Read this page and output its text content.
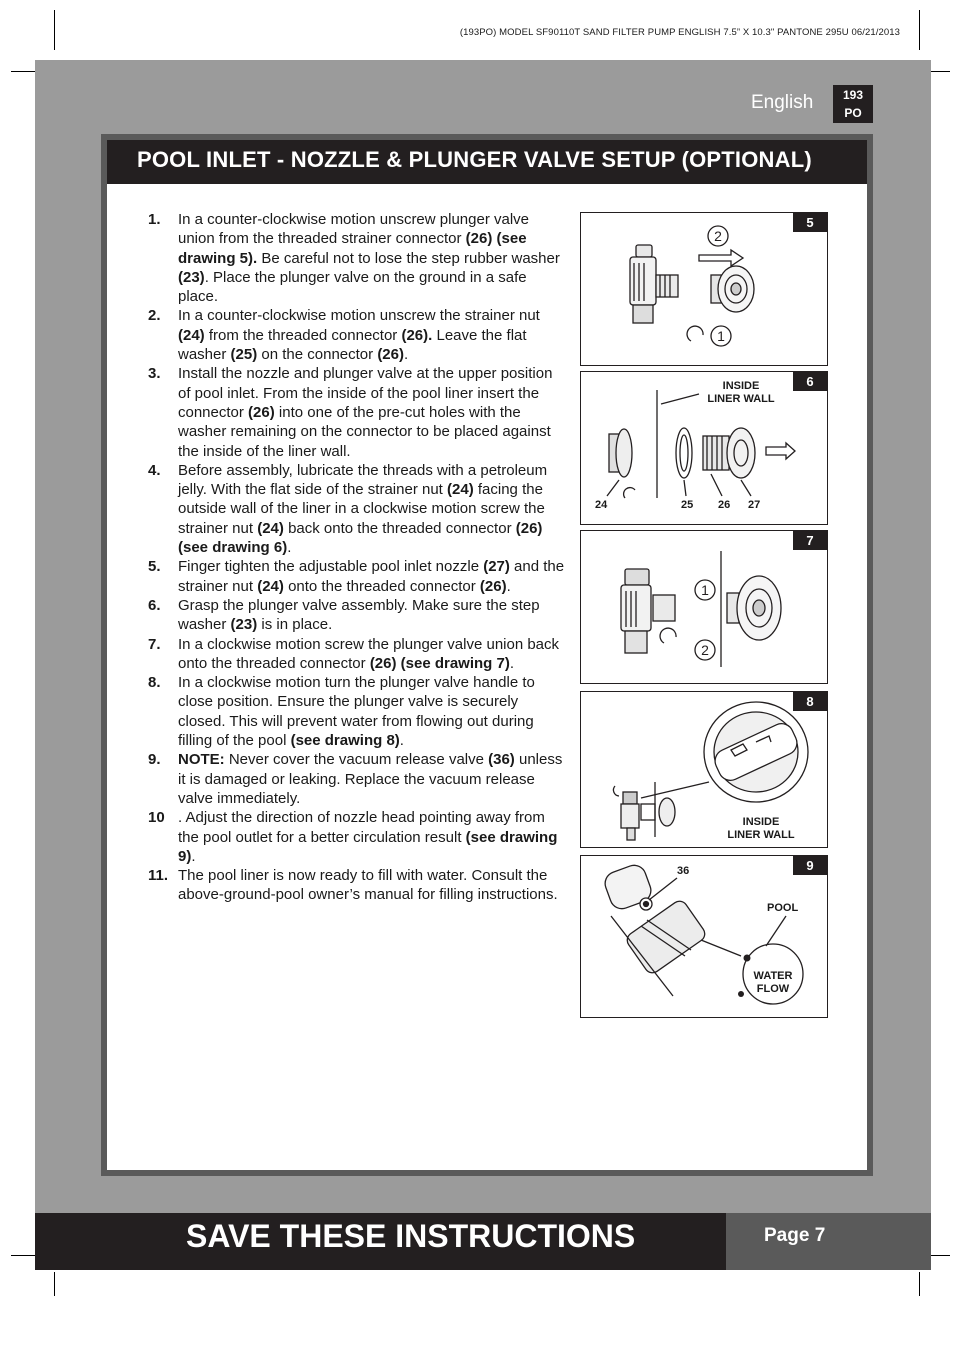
(193PO) MODEL SF90110T SAND FILTER PUMP ENGLISH 7.5” X 10.3" PANTONE 295U 06/21/2013
English	193
PO
POOL INLET - NOZZLE & PLUNGER VALVE SETUP (OPTIONAL)
1.	In a counter-clockwise motion unscrew plunger valve union from the threaded strainer connector (26) (see drawing 5). Be careful not to lose the step rubber washer (23). Place the plunger valve on the ground in a safe place.
2.	In a counter-clockwise motion unscrew the strainer nut (24) from the threaded connector (26). Leave the flat washer (25) on the connector (26).
3.	Install the nozzle and plunger valve at the upper position of pool inlet. From the inside of the pool liner insert the connector (26) into one of the pre-cut holes with the washer remaining on the connector to be placed against the inside of the liner wall.
4.	Before assembly, lubricate the threads with a petroleum jelly. With the flat side of the strainer nut (24) facing the outside wall of the liner in a clockwise motion screw the strainer nut (24) back onto the threaded connector (26) (see drawing 6).
5.	Finger tighten the adjustable pool inlet nozzle (27) and the strainer nut (24) onto the threaded connector (26).
6.	Grasp the plunger valve assembly. Make sure the step washer (23) is in place.
7.	In a clockwise motion screw the plunger valve union back onto the threaded connector (26) (see drawing 7).
8.	In a clockwise motion turn the plunger valve handle to close position. Ensure the plunger valve is securely closed. This will prevent water from flowing out during filling of the pool (see drawing 8).
9.	NOTE: Never cover the vacuum release valve (36) unless it is damaged or leaking. Replace the vacuum release valve immediately.
10 . Adjust the direction of nozzle head pointing away from the pool outlet for a better circulation result (see drawing 9).
11. The pool liner is now ready to fill with water. Consult the above-ground-pool owner’s manual for filling instructions.
5
2
1
6
INSIDE
LINER WALL
24	25 26 27
7
1
2
8
INSIDE
LINER WALL
9
36
POOL
WATER
FLOW
SAVE THESE INSTRUCTIONS	Page 7
